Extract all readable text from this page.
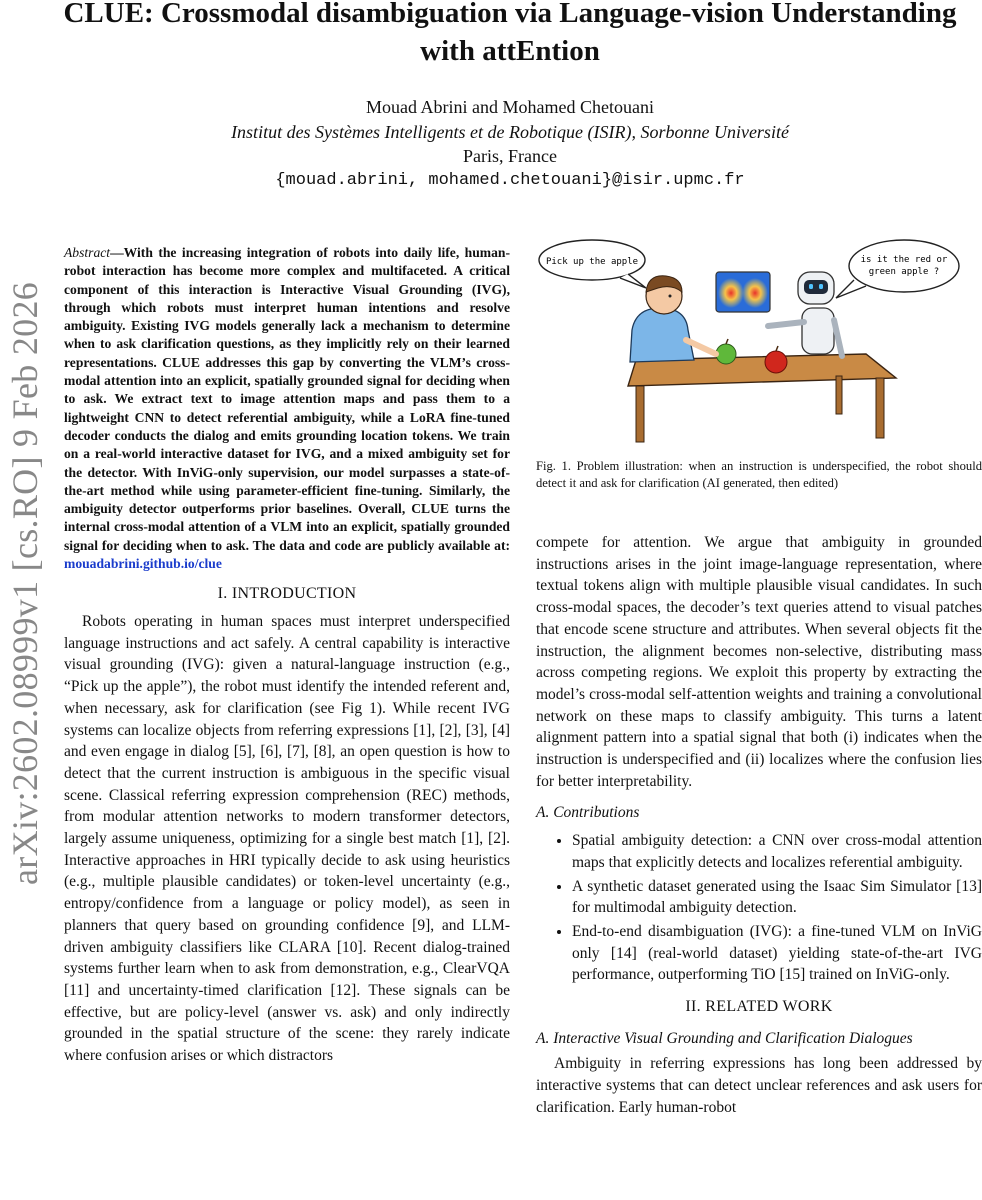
CLUE: Crossmodal disambiguation via Language-vision Understanding with attEntion
Mouad Abrini and Mohamed Chetouani
Institut des Systèmes Intelligents et de Robotique (ISIR), Sorbonne Université
Paris, France
{mouad.abrini, mohamed.chetouani}@isir.upmc.fr
arXiv:2602.08999v1 [cs.RO] 9 Feb 2026

Abstract—With the increasing integration of robots into daily life, human-robot interaction has become more complex and multifaceted. A critical component of this interaction is Interactive Visual Grounding (IVG), through which robots must interpret human intentions and resolve ambiguity. Existing IVG models generally lack a mechanism to determine when to ask clarification questions, as they implicitly rely on their learned representations. CLUE addresses this gap by converting the VLM’s cross-modal attention into an explicit, spatially grounded signal for deciding when to ask. We extract text to image attention maps and pass them to a lightweight CNN to detect referential ambiguity, while a LoRA fine-tuned decoder conducts the dialog and emits grounding location tokens. We train on a real-world interactive dataset for IVG, and a mixed ambiguity set for the detector. With InViG-only supervision, our model surpasses a state-of-the-art method while using parameter-efficient fine-tuning. Similarly, the ambiguity detector outperforms prior baselines. Overall, CLUE turns the internal cross-modal attention of a VLM into an explicit, spatially grounded signal for deciding when to ask. The data and code are publicly available at: mouadabrini.github.io/clue

I. INTRODUCTION

Robots operating in human spaces must interpret underspecified language instructions and act safely. A central capability is interactive visual grounding (IVG): given a natural-language instruction (e.g., “Pick up the apple”), the robot must identify the intended referent and, when necessary, ask for clarification (see Fig 1). While recent IVG systems can localize objects from referring expressions [1], [2], [3], [4] and even engage in dialog [5], [6], [7], [8], an open question is how to detect that the current instruction is ambiguous in the specific visual scene. Classical referring expression comprehension (REC) methods, from modular attention networks to modern transformer detectors, largely assume uniqueness, optimizing for a single best match [1], [2]. Interactive approaches in HRI typically decide to ask using heuristics (e.g., multiple plausible candidates) or token-level uncertainty (e.g., entropy/confidence from a language or policy model), as seen in planners that query based on grounding confidence [9], and LLM-driven ambiguity classifiers like CLARA [10]. Recent dialog-trained systems further learn when to ask from demonstration, e.g., ClearVQA [11] and uncertainty-timed clarification [12]. These signals can be effective, but are policy-level (answer vs. ask) and only indirectly grounded in the spatial structure of the scene: they rarely indicate where confusion arises or which distractors

Pick up the apple	is it the red or
green apple ?
Fig. 1. Problem illustration: when an instruction is underspecified, the robot should detect it and ask for clarification (AI generated, then edited)

compete for attention. We argue that ambiguity in grounded instructions arises in the joint image-language representation, where textual tokens align with multiple plausible visual candidates. In such cross-modal spaces, the decoder’s text queries attend to visual patches that encode scene structure and attributes. When several objects fit the instruction, the alignment becomes non-selective, distributing mass across competing regions. We exploit this property by extracting the model’s cross-modal self-attention weights and training a convolutional network on these maps to classify ambiguity. This turns a latent alignment pattern into a spatial signal that both (i) indicates when the instruction is underspecified and (ii) localizes where the confusion lies for better interpretability.

A. Contributions
• Spatial ambiguity detection: a CNN over cross-modal attention maps that explicitly detects and localizes referential ambiguity.
• A synthetic dataset generated using the Isaac Sim Simulator [13] for multimodal ambiguity detection.
• End-to-end disambiguation (IVG): a fine-tuned VLM on InViG only [14] (real-world dataset) yielding state-of-the-art IVG performance, outperforming TiO [15] trained on InViG-only.
II. RELATED WORK
A. Interactive Visual Grounding and Clarification Dialogues

Ambiguity in referring expressions has long been addressed by interactive systems that can detect unclear references and ask users for clarification. Early human-robot
